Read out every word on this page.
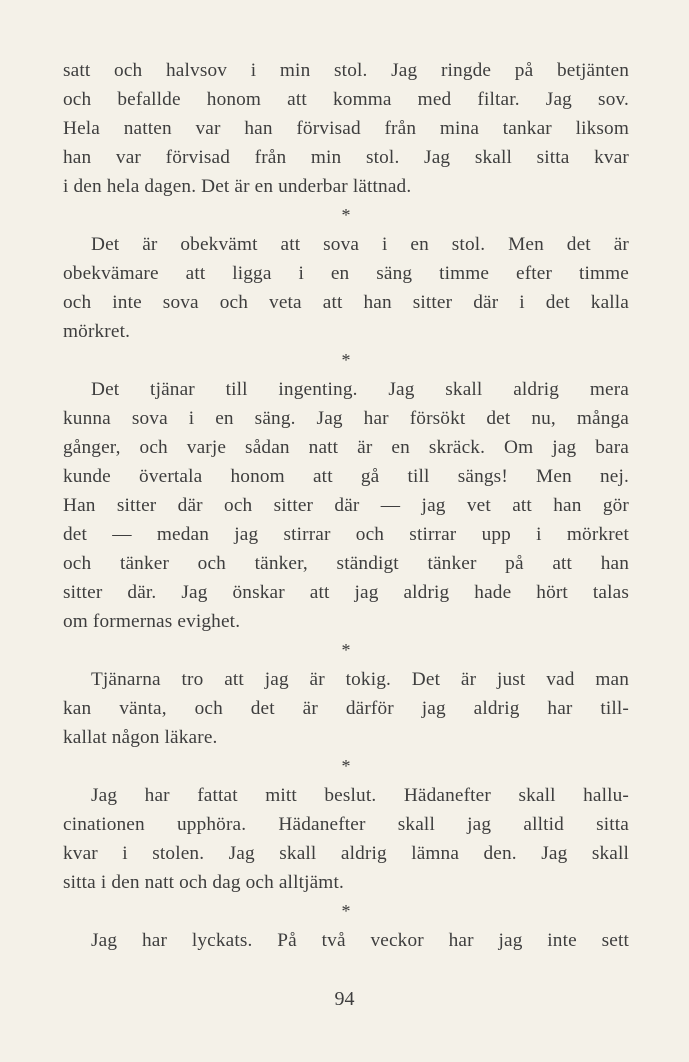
satt och halvsov i min stol. Jag ringde på betjänten
och befallde honom att komma med filtar. Jag sov.
Hela natten var han förvisad från mina tankar liksom
han var förvisad från min stol. Jag skall sitta kvar
i den hela dagen. Det är en underbar lättnad.

*

Det är obekvämt att sova i en stol. Men det är
obekvämare att ligga i en säng timme efter timme
och inte sova och veta att han sitter där i det kalla
mörkret.

*

Det tjänar till ingenting. Jag skall aldrig mera
kunna sova i en säng. Jag har försökt det nu, många
gånger, och varje sådan natt är en skräck. Om jag bara
kunde övertala honom att gå till sängs! Men nej.
Han sitter där och sitter där — jag vet att han gör
det — medan jag stirrar och stirrar upp i mörkret
och tänker och tänker, ständigt tänker på att han
sitter där. Jag önskar att jag aldrig hade hört talas
om formernas evighet.

*

Tjänarna tro att jag är tokig. Det är just vad man
kan vänta, och det är därför jag aldrig har till-
kallat någon läkare.

*

Jag har fattat mitt beslut. Hädanefter skall hallu-
cinationen upphöra. Hädanefter skall jag alltid sitta
kvar i stolen. Jag skall aldrig lämna den. Jag skall
sitta i den natt och dag och alltjämt.

*

Jag har lyckats. På två veckor har jag inte sett
94
